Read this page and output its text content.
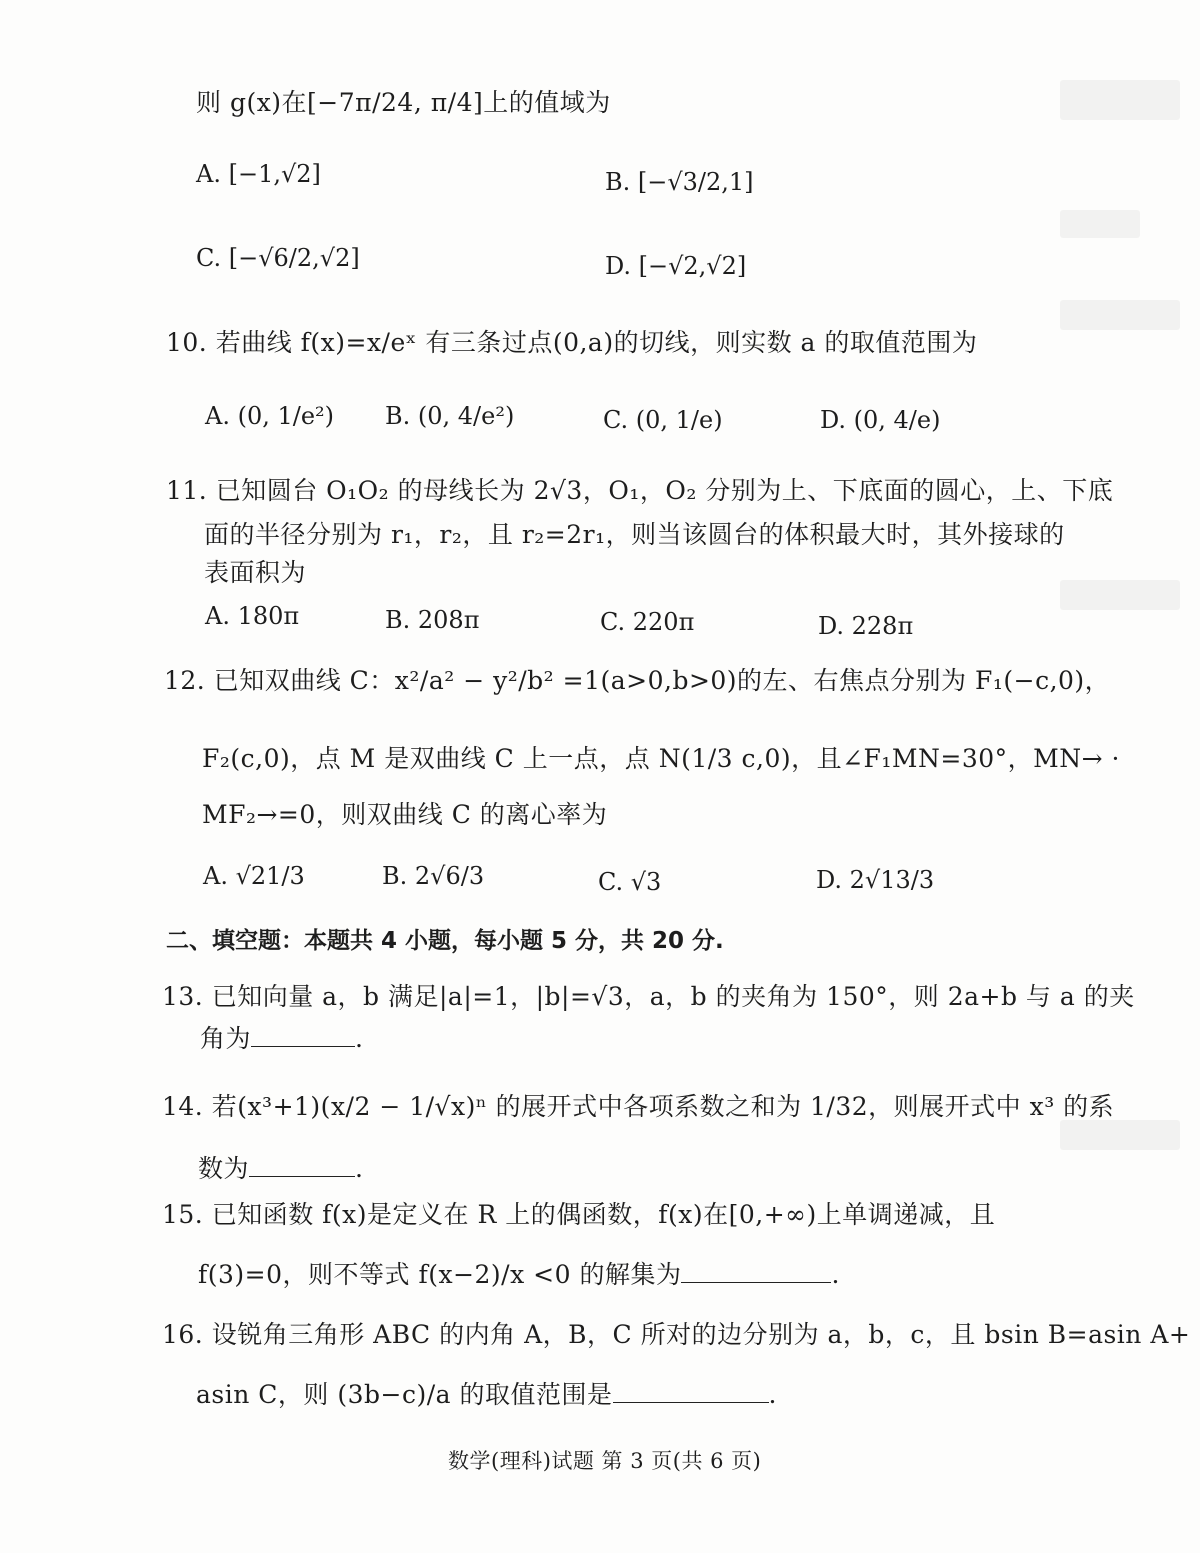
则 g(x)在[−7π/24, π/4]上的值域为
A. [−1,√2]	B. [−√3/2,1]
C. [−√6/2,√2]	D. [−√2,√2]
10. 若曲线 f(x)=x/eˣ 有三条过点(0,a)的切线，则实数 a 的取值范围为
A. (0, 1/e²) B. (0, 4/e²)	C. (0, 1/e)	D. (0, 4/e)
11. 已知圆台 O₁O₂ 的母线长为 2√3，O₁，O₂ 分别为上、下底面的圆心，上、下底
面的半径分别为 r₁，r₂，且 r₂=2r₁，则当该圆台的体积最大时，其外接球的
表面积为
A. 180π	B. 208π	C. 220π	D. 228π
12. 已知双曲线 C：x²/a² − y²/b² =1(a>0,b>0)的左、右焦点分别为 F₁(−c,0)，
F₂(c,0)，点 M 是双曲线 C 上一点，点 N(1/3 c,0)，且∠F₁MN=30°，MN→ ·
MF₂→=0，则双曲线 C 的离心率为
A. √21/3	B. 2√6/3	C. √3	D. 2√13/3
二、填空题：本题共 4 小题，每小题 5 分，共 20 分.
13. 已知向量 a，b 满足|a|=1，|b|=√3，a，b 的夹角为 150°，则 2a+b 与 a 的夹
角为	.
14. 若(x³+1)(x/2 − 1/√x)ⁿ 的展开式中各项系数之和为 1/32，则展开式中 x³ 的系
数为	.
15. 已知函数 f(x)是定义在 R 上的偶函数，f(x)在[0,+∞)上单调递减，且
f(3)=0，则不等式 f(x−2)/x <0 的解集为	.
16. 设锐角三角形 ABC 的内角 A，B，C 所对的边分别为 a，b，c，且 bsin B=asin A+
asin C，则 (3b−c)/a 的取值范围是	.
数学(理科)试题 第 3 页(共 6 页)
